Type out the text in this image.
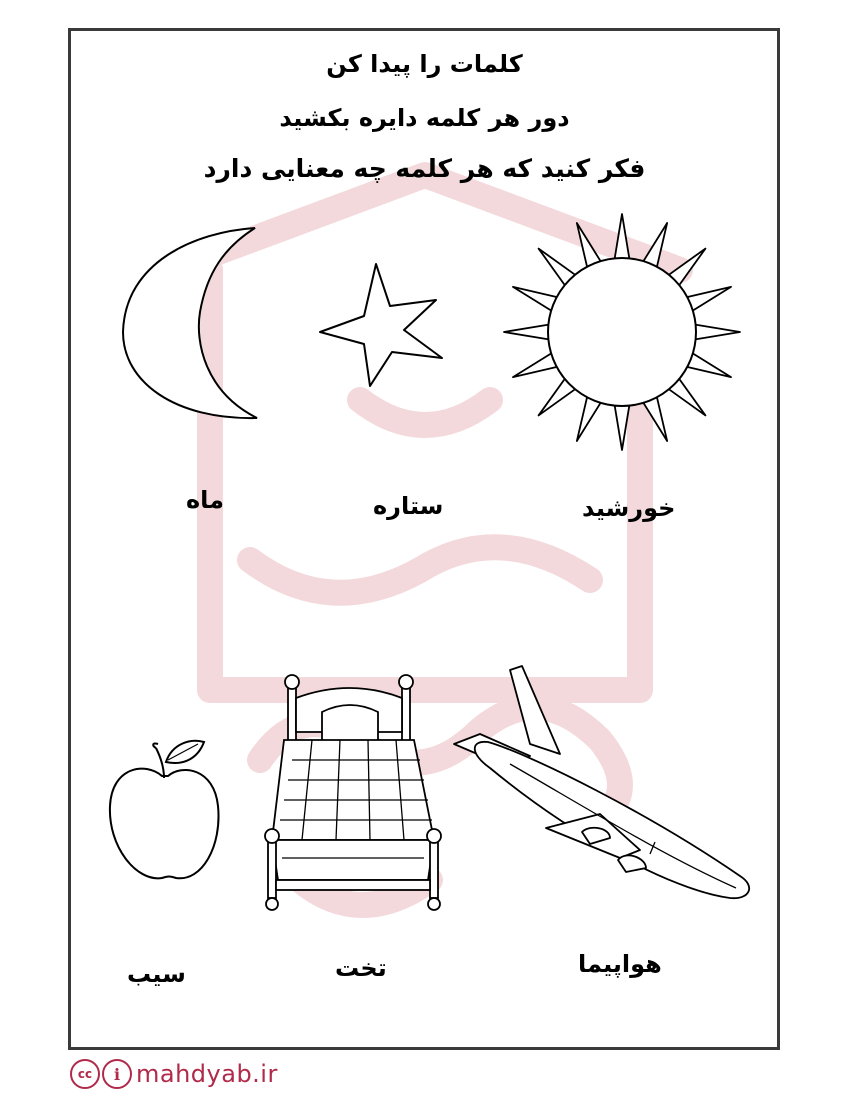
کلمات را پیدا کن
دور هر کلمه دایره بکشید
فکر کنید که هر کلمه چه معنایی دارد
ماه	ستاره	خورشید
سیب	تخت	هواپیما
cc	i mahdyab.ir
